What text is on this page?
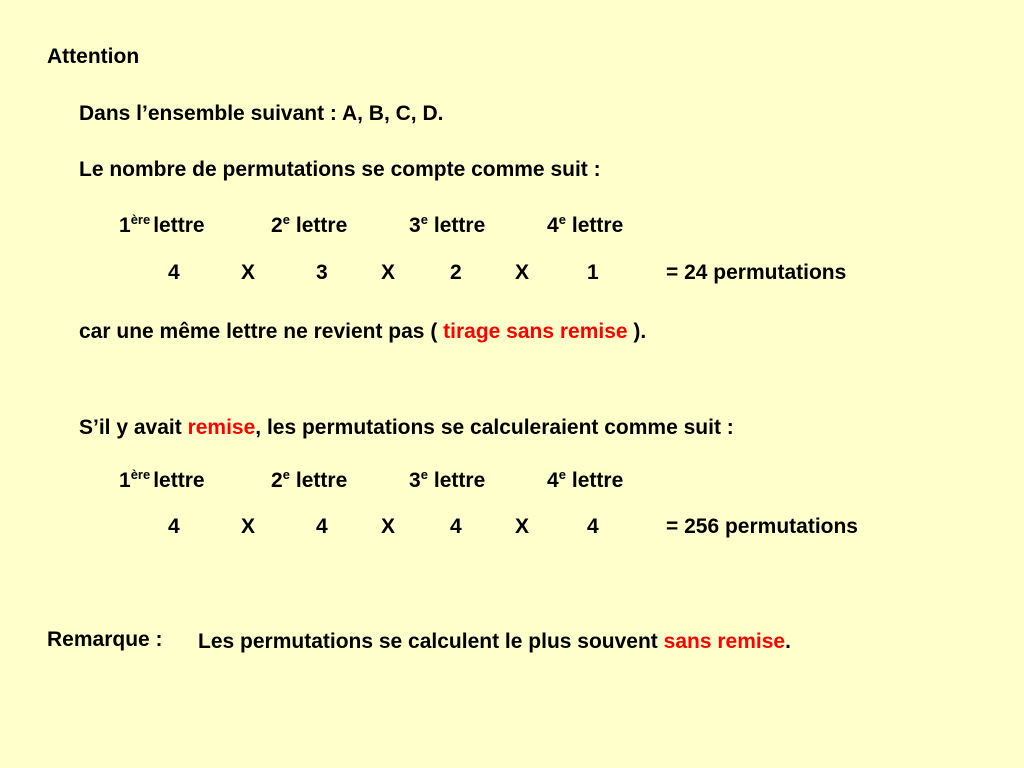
Attention
Dans l’ensemble suivant : A, B, C, D.
Le nombre de permutations se compte comme suit :
1ère lettre	2e lettre	3e lettre	4e lettre
4	X	3	X	2	X	1	= 24 permutations
car une même lettre ne revient pas ( tirage sans remise ).
S’il y avait remise, les permutations se calculeraient comme suit :
1ère lettre	2e lettre	3e lettre	4e lettre
4	X	4	X	4	X	4	= 256 permutations
Remarque : Les permutations se calculent le plus souvent sans remise.
